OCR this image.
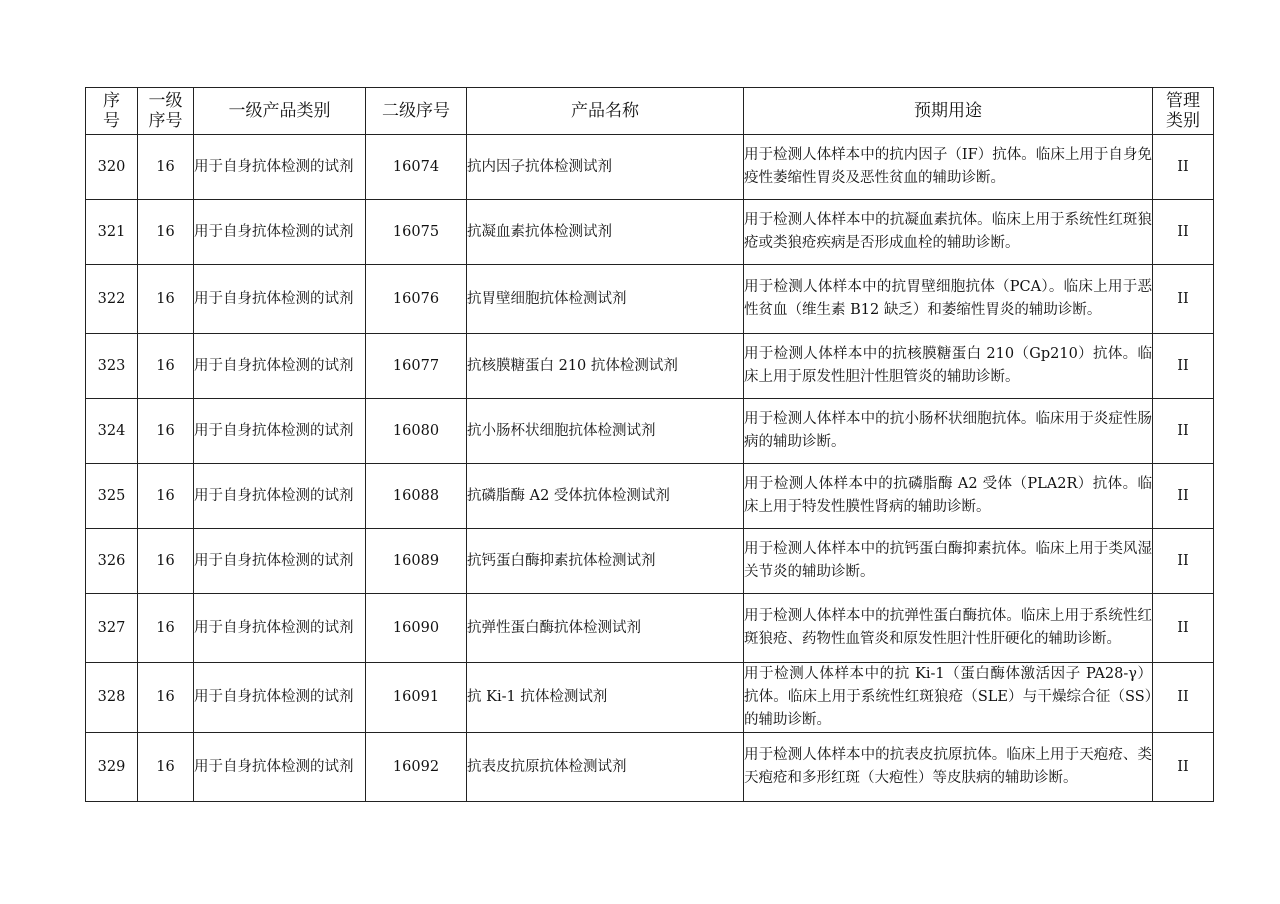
序号	一级序号	一级产品类别	二级序号	产品名称	预期用途	管理类别

320	16	用于自身抗体检测的试剂	16074	抗内因子抗体检测试剂	用于检测人体样本中的抗内因子（IF）抗体。临床上用于自身免疫性萎缩性胃炎及恶性贫血的辅助诊断。	II
321	16	用于自身抗体检测的试剂	16075	抗凝血素抗体检测试剂	用于检测人体样本中的抗凝血素抗体。临床上用于系统性红斑狼疮或类狼疮疾病是否形成血栓的辅助诊断。	II
322	16	用于自身抗体检测的试剂	16076	抗胃壁细胞抗体检测试剂	用于检测人体样本中的抗胃壁细胞抗体（PCA）。临床上用于恶性贫血（维生素 B12 缺乏）和萎缩性胃炎的辅助诊断。	II
323	16	用于自身抗体检测的试剂	16077	抗核膜糖蛋白 210 抗体检测试剂	用于检测人体样本中的抗核膜糖蛋白 210（Gp210）抗体。临床上用于原发性胆汁性胆管炎的辅助诊断。	II
324	16	用于自身抗体检测的试剂	16080	抗小肠杯状细胞抗体检测试剂	用于检测人体样本中的抗小肠杯状细胞抗体。临床用于炎症性肠病的辅助诊断。	II
325	16	用于自身抗体检测的试剂	16088	抗磷脂酶 A2 受体抗体检测试剂	用于检测人体样本中的抗磷脂酶 A2 受体（PLA2R）抗体。临床上用于特发性膜性肾病的辅助诊断。	II
326	16	用于自身抗体检测的试剂	16089	抗钙蛋白酶抑素抗体检测试剂	用于检测人体样本中的抗钙蛋白酶抑素抗体。临床上用于类风湿关节炎的辅助诊断。	II
327	16	用于自身抗体检测的试剂	16090	抗弹性蛋白酶抗体检测试剂	用于检测人体样本中的抗弹性蛋白酶抗体。临床上用于系统性红斑狼疮、药物性血管炎和原发性胆汁性肝硬化的辅助诊断。	II
328	16	用于自身抗体检测的试剂	16091	抗 Ki-1 抗体检测试剂	用于检测人体样本中的抗 Ki-1（蛋白酶体激活因子 PA28-γ）抗体。临床上用于系统性红斑狼疮（SLE）与干燥综合征（SS）的辅助诊断。	II
329	16	用于自身抗体检测的试剂	16092	抗表皮抗原抗体检测试剂	用于检测人体样本中的抗表皮抗原抗体。临床上用于天疱疮、类天疱疮和多形红斑（大疱性）等皮肤病的辅助诊断。	II
